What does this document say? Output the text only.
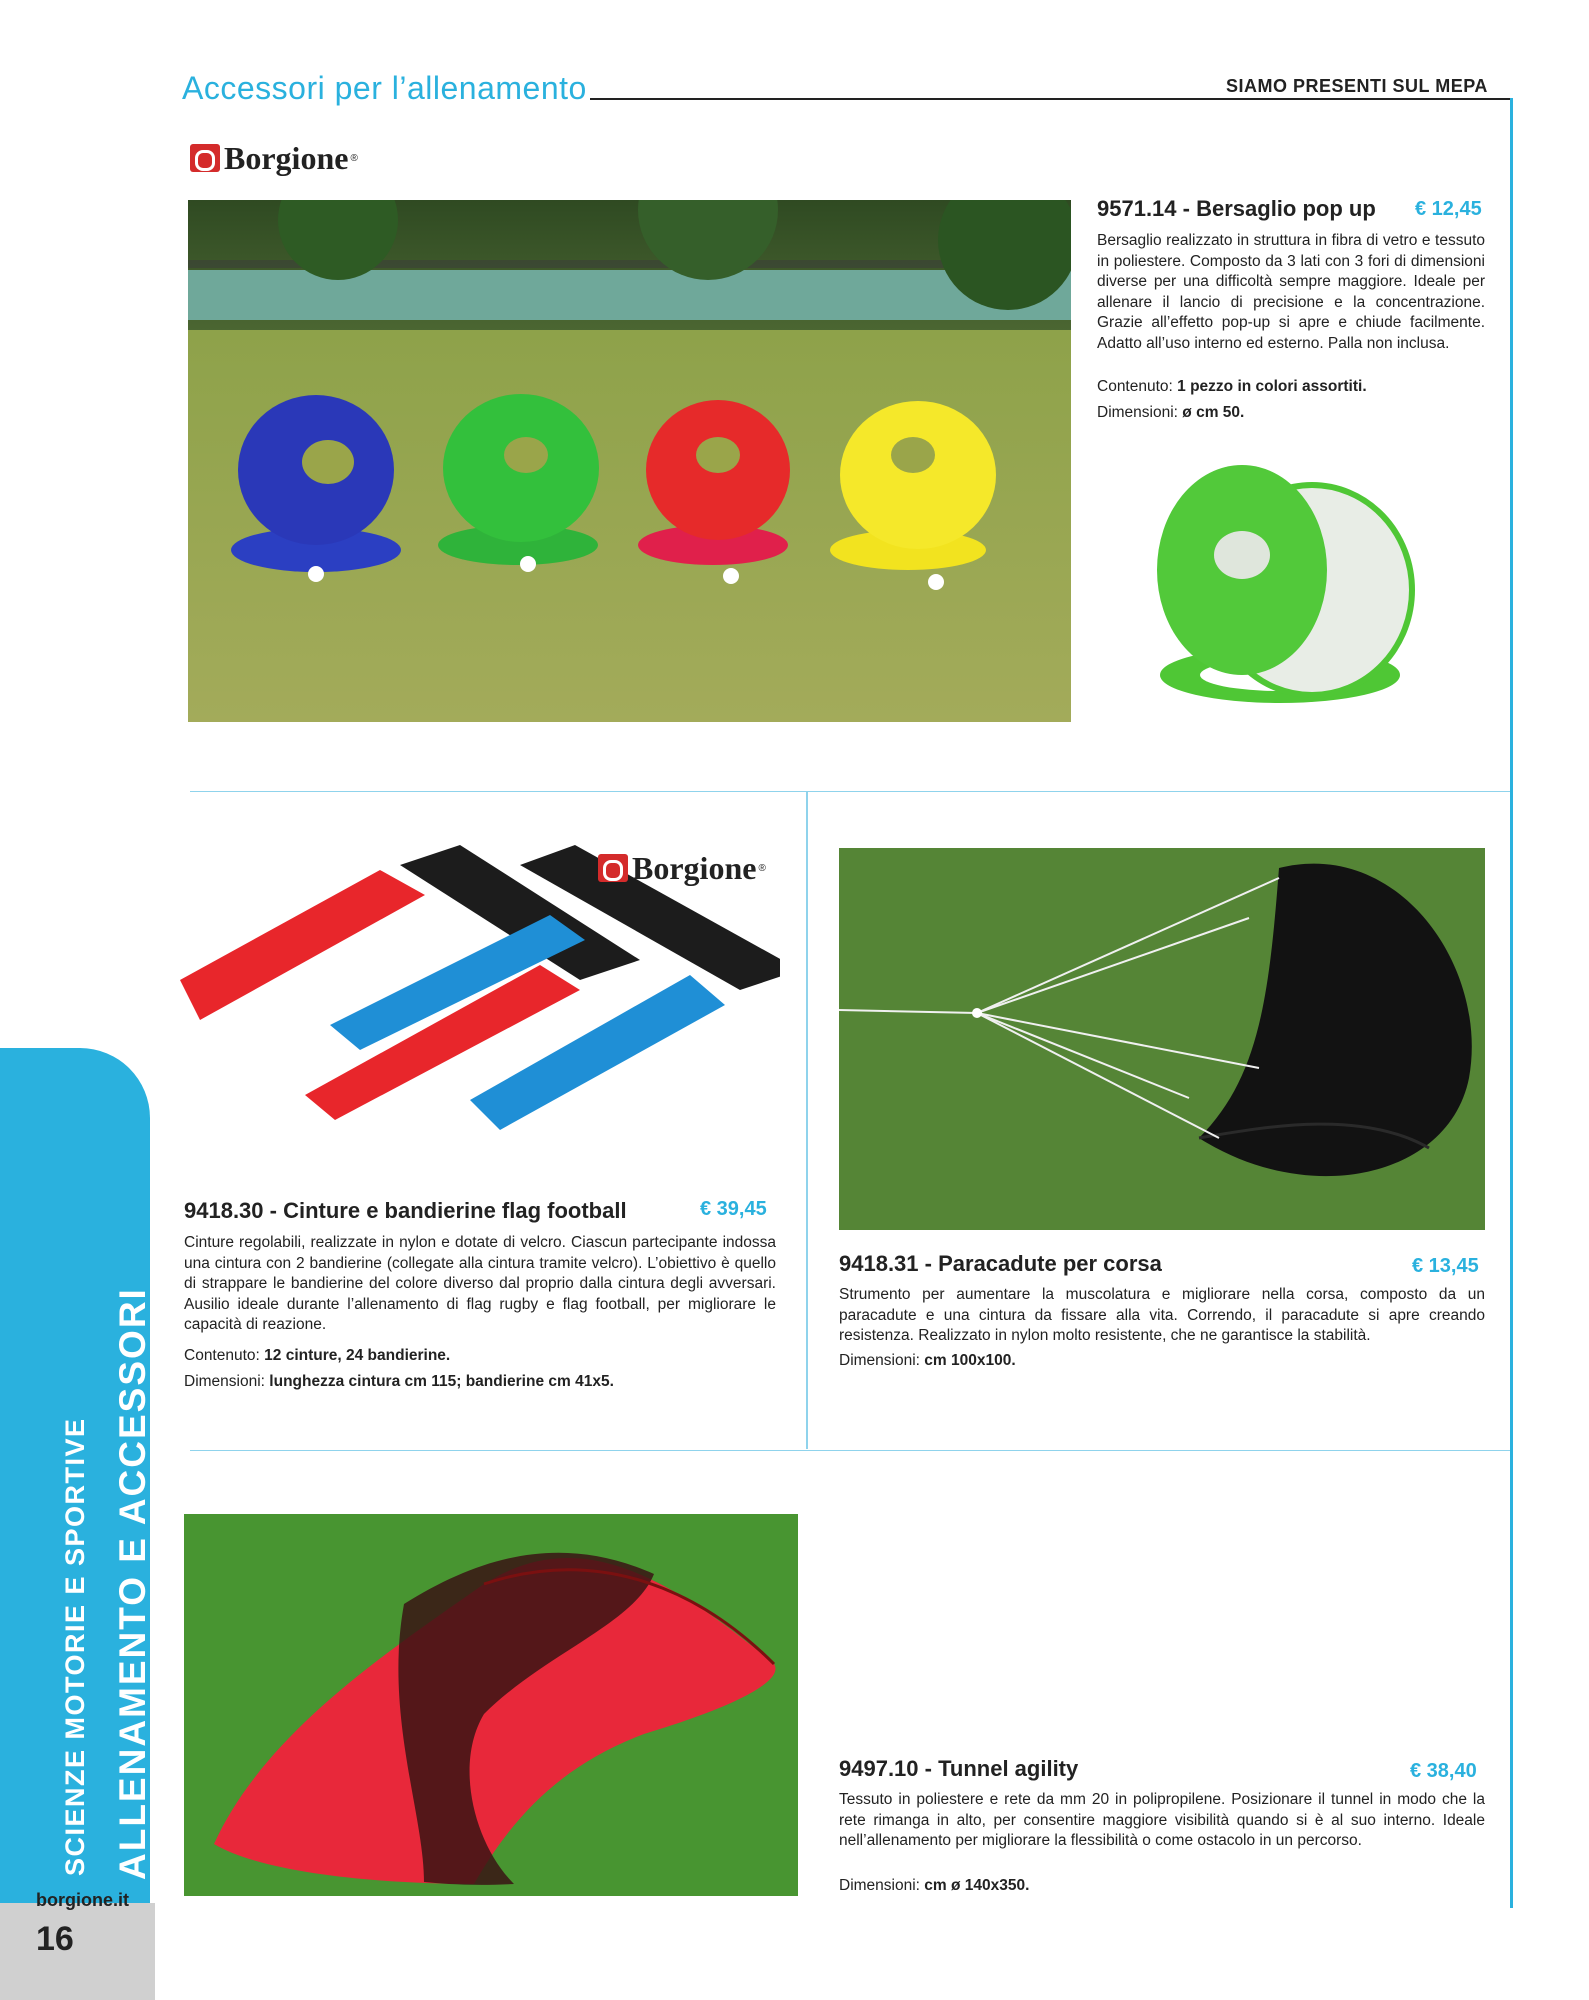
Accessori per l’allenamento	SIAMO PRESENTI SUL MEPA
Borgione ®
9571.14 - Bersaglio pop up € 12,45
Bersaglio realizzato in struttura in fibra di vetro e tessuto in poliestere. Composto da 3 lati con 3 fori di dimensioni diverse per una difficoltà sempre maggiore. Ideale per allenare il lancio di precisione e la concentrazione. Grazie all’effetto pop-up si apre e chiude facilmente. Adatto all’uso interno ed esterno. Palla non inclusa.
Contenuto: 1 pezzo in colori assortiti.
Dimensioni: ø cm 50.
Borgione ®
9418.30 - Cinture e bandierine flag football	€ 39,45
Cinture regolabili, realizzate in nylon e dotate di velcro. Ciascun partecipante indossa una cintura con 2 bandierine (collegate alla cintura tramite velcro). L’obiettivo è quello di strappare le bandierine del colore diverso dal proprio dalla cintura degli avversari. Ausilio ideale durante l’allenamento di flag rugby e flag football, per migliorare le capacità di reazione.
Contenuto: 12 cinture, 24 bandierine.
Dimensioni: lunghezza cintura cm 115; bandierine cm 41x5.
9418.31 - Paracadute per corsa	€ 13,45
Strumento per aumentare la muscolatura e migliorare nella corsa, composto da un paracadute e una cintura da fissare alla vita. Correndo, il paracadute si apre creando resistenza. Realizzato in nylon molto resistente, che ne garantisce la stabilità.
Dimensioni: cm 100x100.
9497.10 - Tunnel agility	€ 38,40
Tessuto in poliestere e rete da mm 20 in polipropilene. Posizionare il tunnel in modo che la rete rimanga in alto, per consentire maggiore visibilità quando si è al suo interno. Ideale nell’allenamento per migliorare la flessibilità o come ostacolo in un percorso.
Dimensioni: cm ø 140x350.
SCIENZE MOTORIE E SPORTIVE ALLENAMENTO E ACCESSORI
borgione.it
16
